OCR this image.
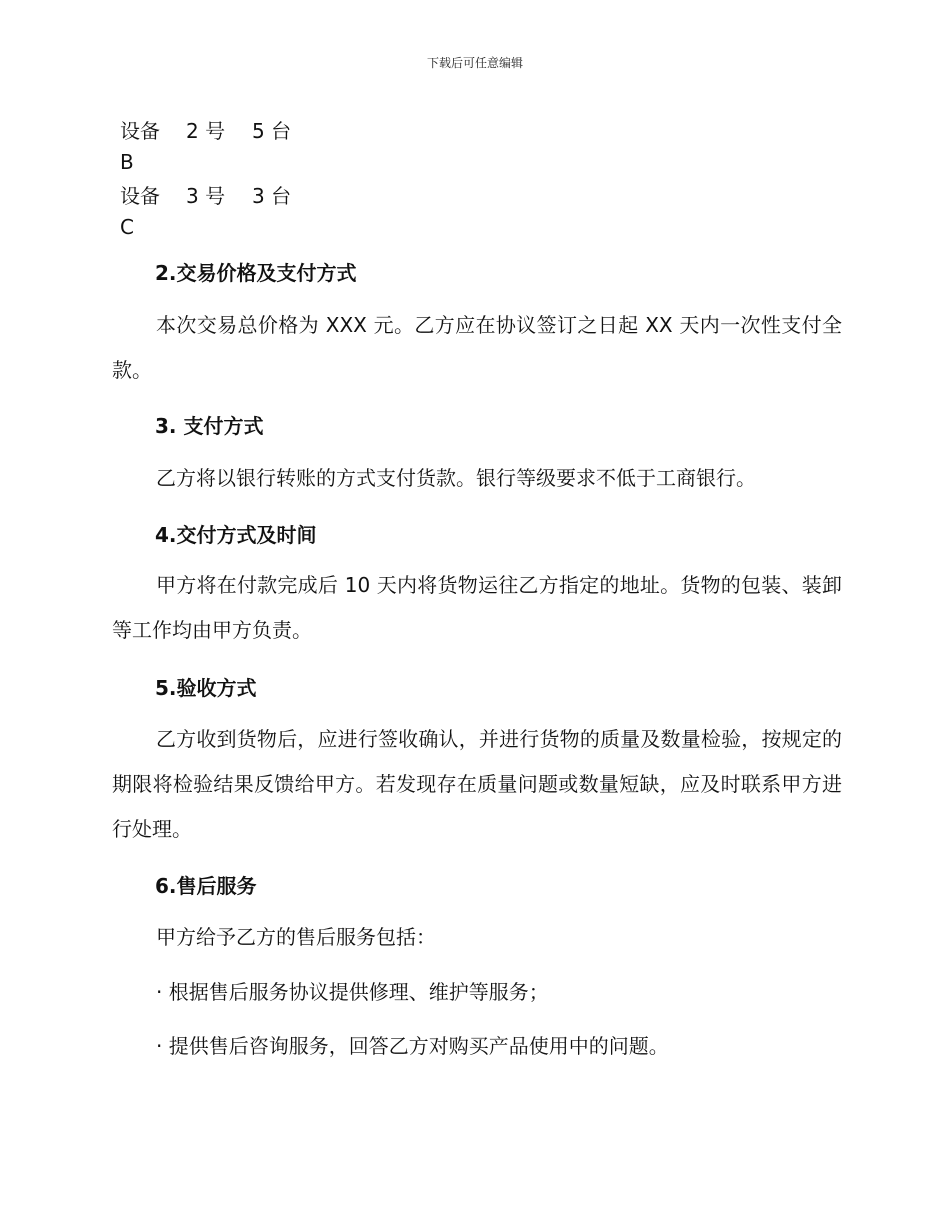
下载后可任意编辑
设备 B
2 号	5 台
设备 C
3 号	3 台
2.交易价格及支付方式
本次交易总价格为 XXX 元。乙方应在协议签订之日起 XX 天内一次性支付全款。
3. 支付方式
乙方将以银行转账的方式支付货款。银行等级要求不低于工商银行。
4.交付方式及时间
甲方将在付款完成后 10 天内将货物运往乙方指定的地址。货物的包装、装卸等工作均由甲方负责。
5.验收方式
乙方收到货物后，应进行签收确认，并进行货物的质量及数量检验，按规定的期限将检验结果反馈给甲方。若发现存在质量问题或数量短缺，应及时联系甲方进行处理。
6.售后服务
甲方给予乙方的售后服务包括：
· 根据售后服务协议提供修理、维护等服务；
· 提供售后咨询服务，回答乙方对购买产品使用中的问题。
